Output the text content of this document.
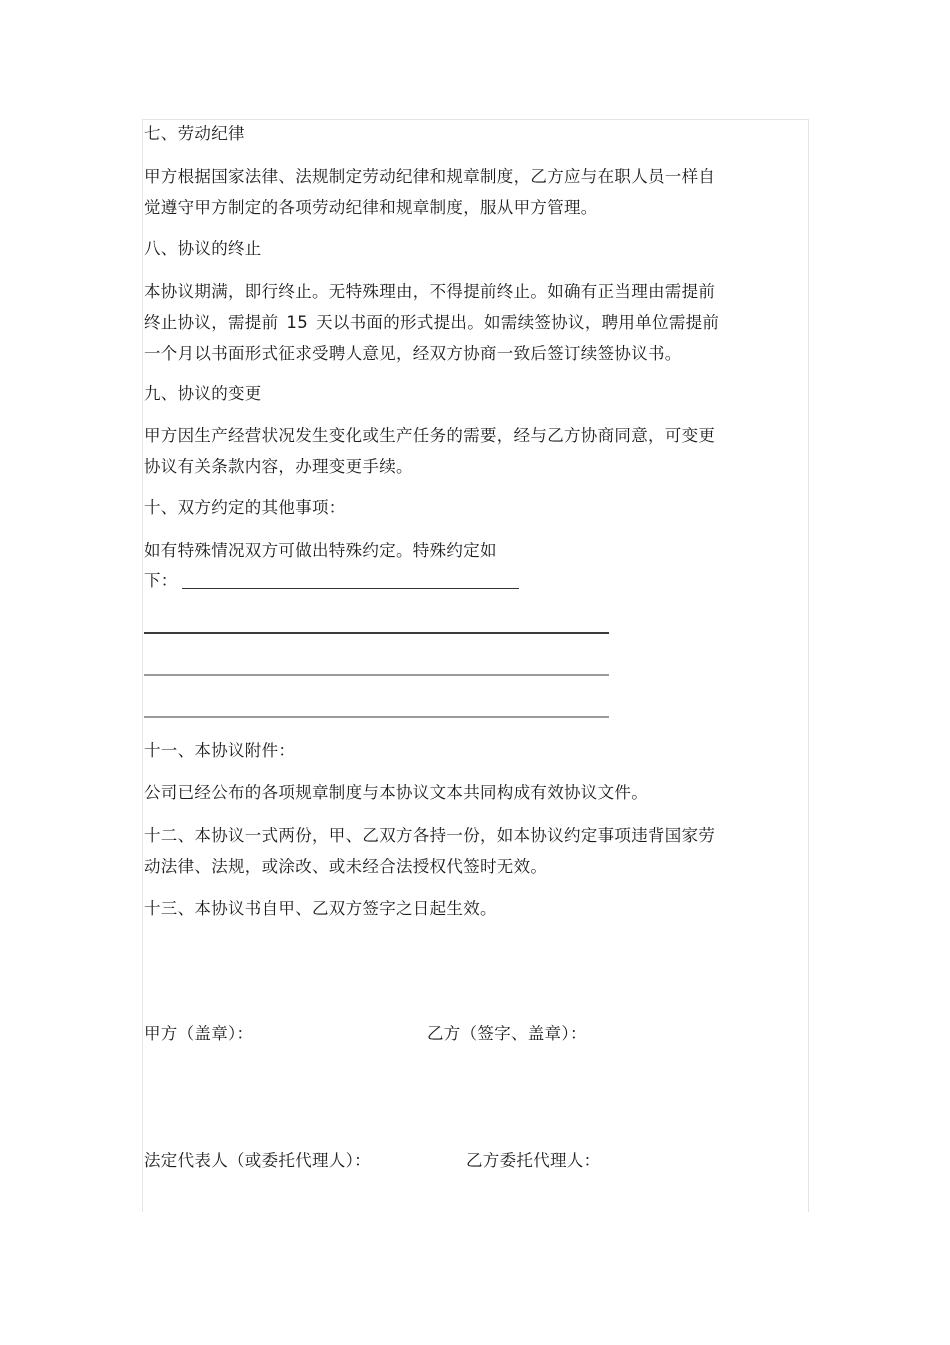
七、劳动纪律
甲方根据国家法律、法规制定劳动纪律和规章制度，乙方应与在职人员一样自
觉遵守甲方制定的各项劳动纪律和规章制度，服从甲方管理。
八、协议的终止
本协议期满，即行终止。无特殊理由，不得提前终止。如确有正当理由需提前
终止协议，需提前 15 天以书面的形式提出。如需续签协议，聘用单位需提前
一个月以书面形式征求受聘人意见，经双方协商一致后签订续签协议书。
九、协议的变更
甲方因生产经营状况发生变化或生产任务的需要，经与乙方协商同意，可变更
协议有关条款内容，办理变更手续。
十、双方约定的其他事项：
如有特殊情况双方可做出特殊约定。特殊约定如
下：
十一、本协议附件：
公司已经公布的各项规章制度与本协议文本共同构成有效协议文件。
十二、本协议一式两份，甲、乙双方各持一份，如本协议约定事项违背国家劳
动法律、法规，或涂改、或未经合法授权代签时无效。
十三、本协议书自甲、乙双方签字之日起生效。
甲方（盖章）：	乙方（签字、盖章）：
法定代表人（或委托代理人）：	乙方委托代理人：
